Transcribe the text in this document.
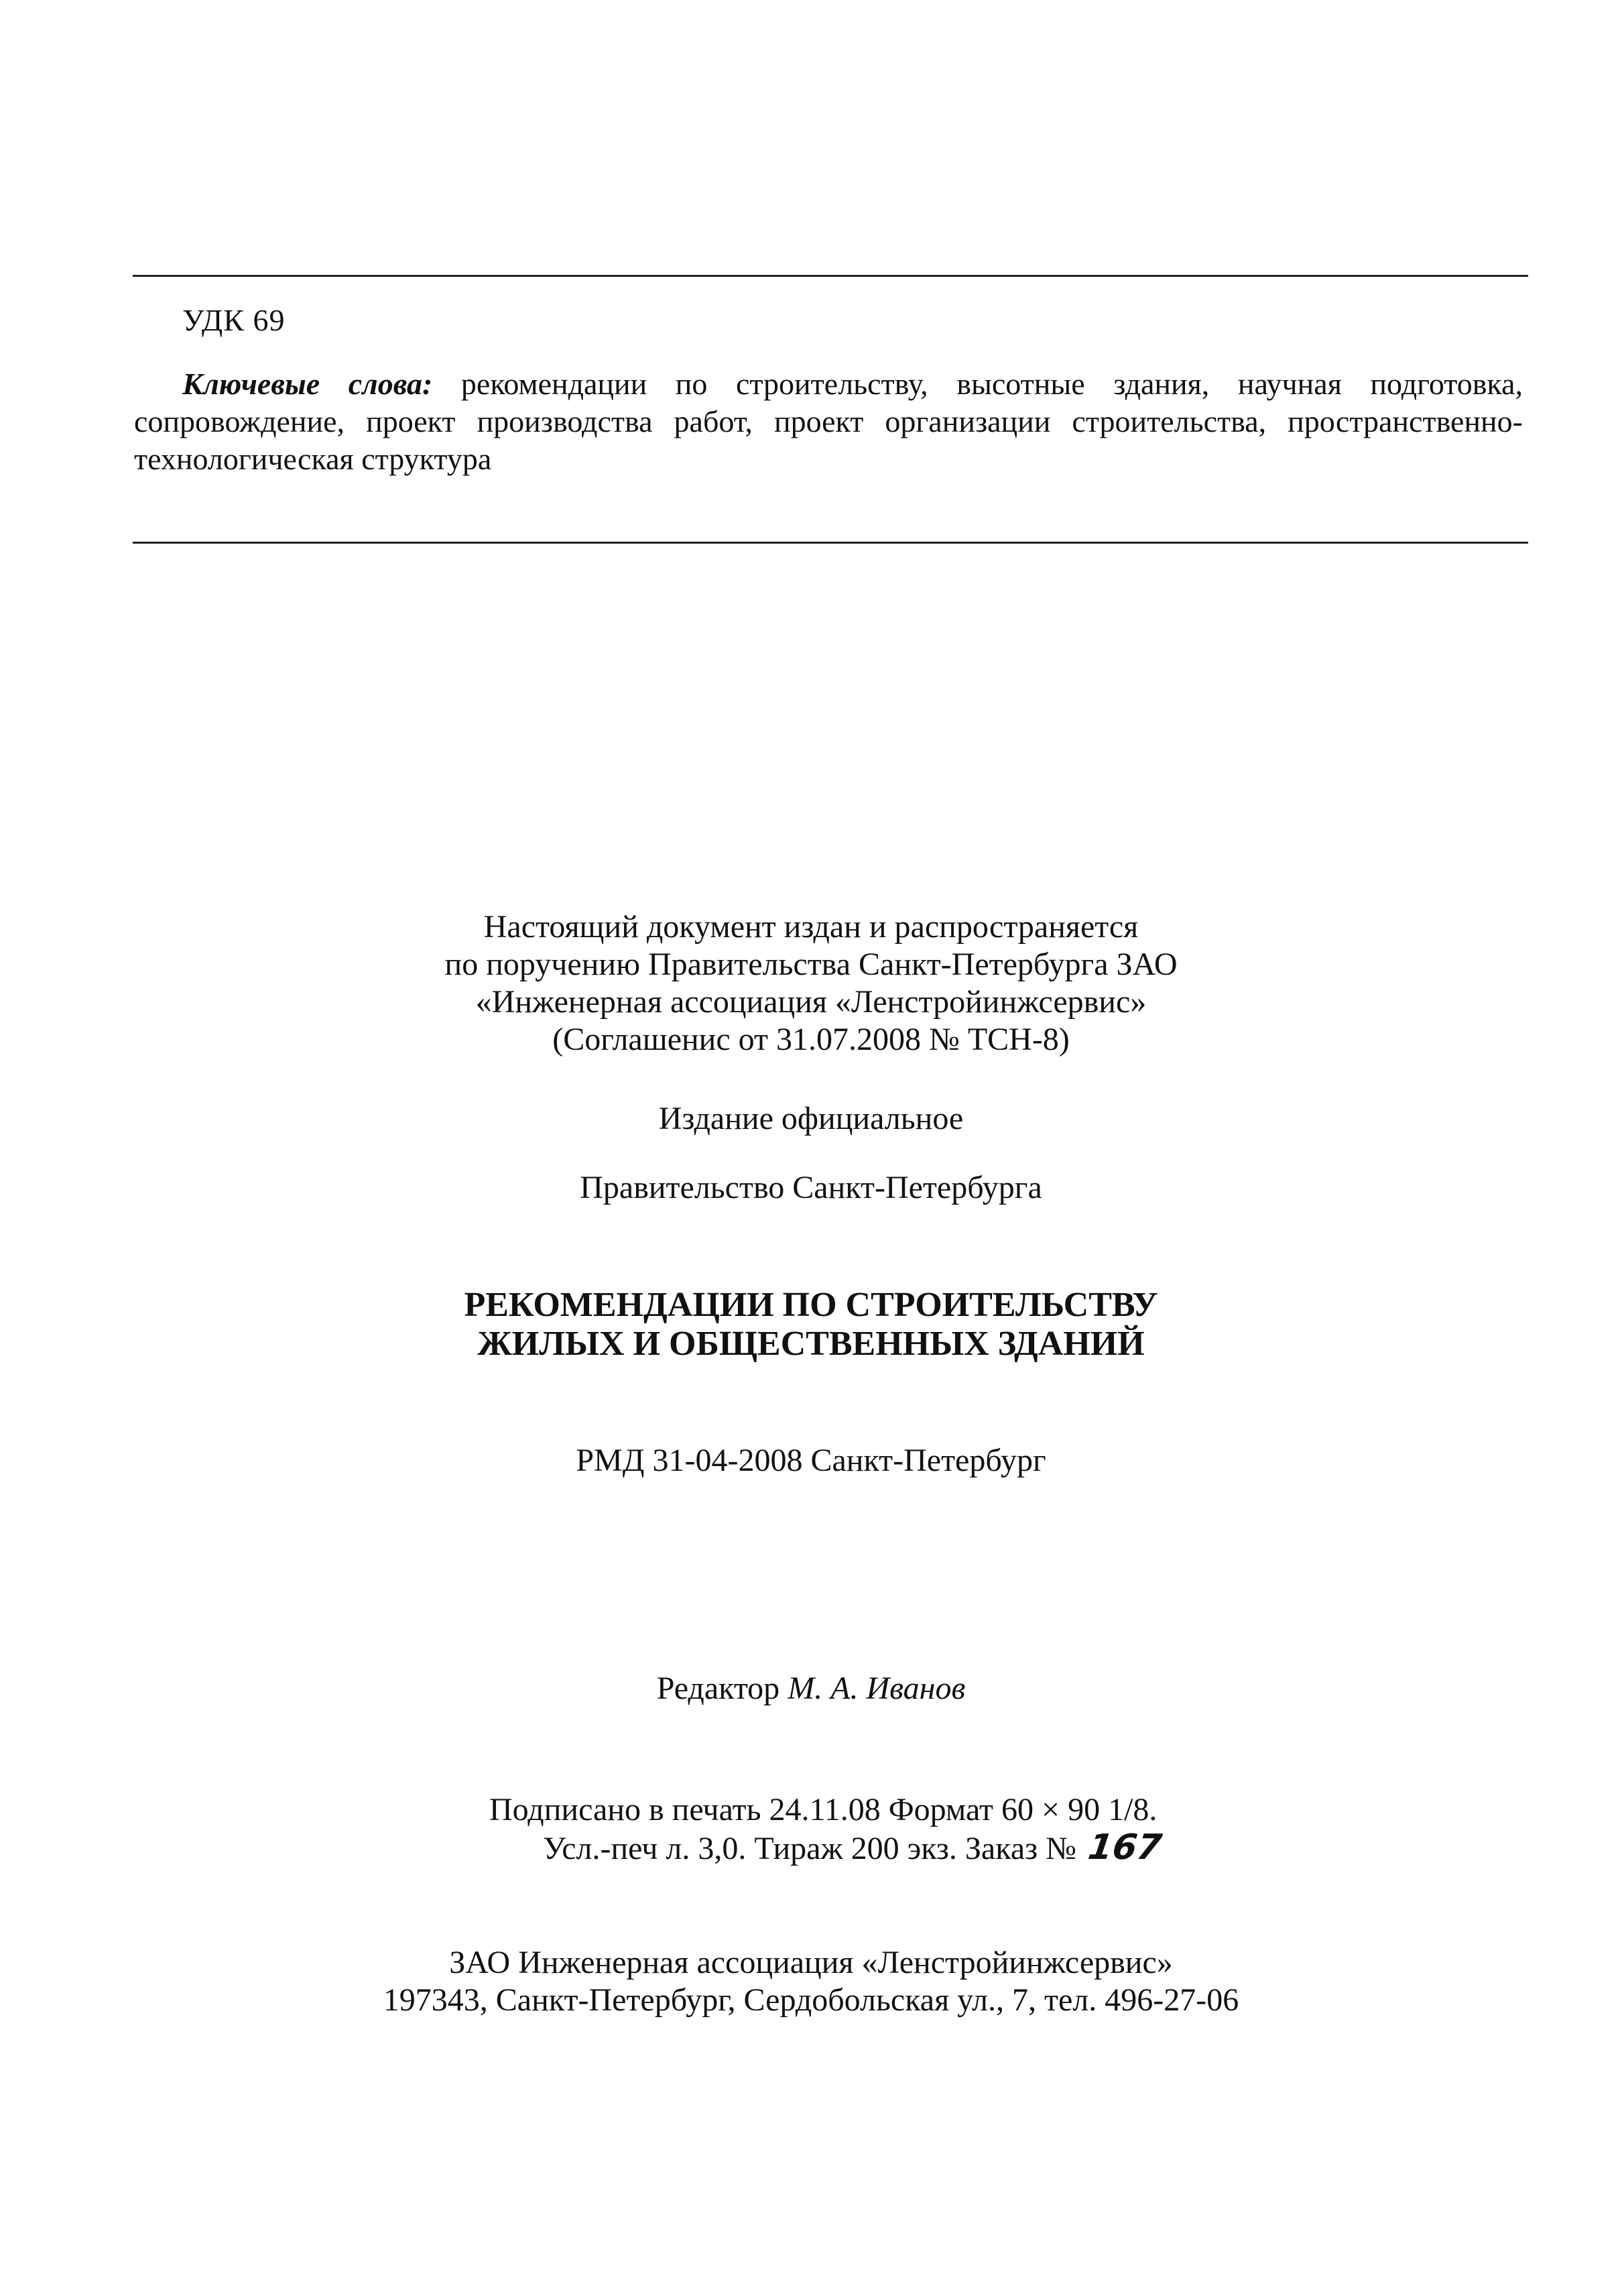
УДК 69
Ключевые слова: рекомендации по строительству, высотные здания, научная подготовка, сопровождение, проект производства работ, проект организации строительства, пространственно-технологическая структура
Настоящий документ издан и распространяется
по поручению Правительства Санкт-Петербурга ЗАО
«Инженерная ассоциация «Ленстройинжсервис»
(Соглашенис от 31.07.2008 № ТСН-8)
Издание официальное
Правительство Санкт-Петербурга
РЕКОМЕНДАЦИИ ПО СТРОИТЕЛЬСТВУ
ЖИЛЫХ И ОБЩЕСТВЕННЫХ ЗДАНИЙ
РМД 31-04-2008 Санкт-Петербург
Редактор М. А. Иванов
Подписано в печать 24.11.08 Формат 60 × 90 1/8.
Усл.-печ л. 3,0. Тираж 200 экз. Заказ № 167
ЗАО Инженерная ассоциация «Ленстройинжсервис»
197343, Санкт-Петербург, Сердобольская ул., 7, тел. 496-27-06
